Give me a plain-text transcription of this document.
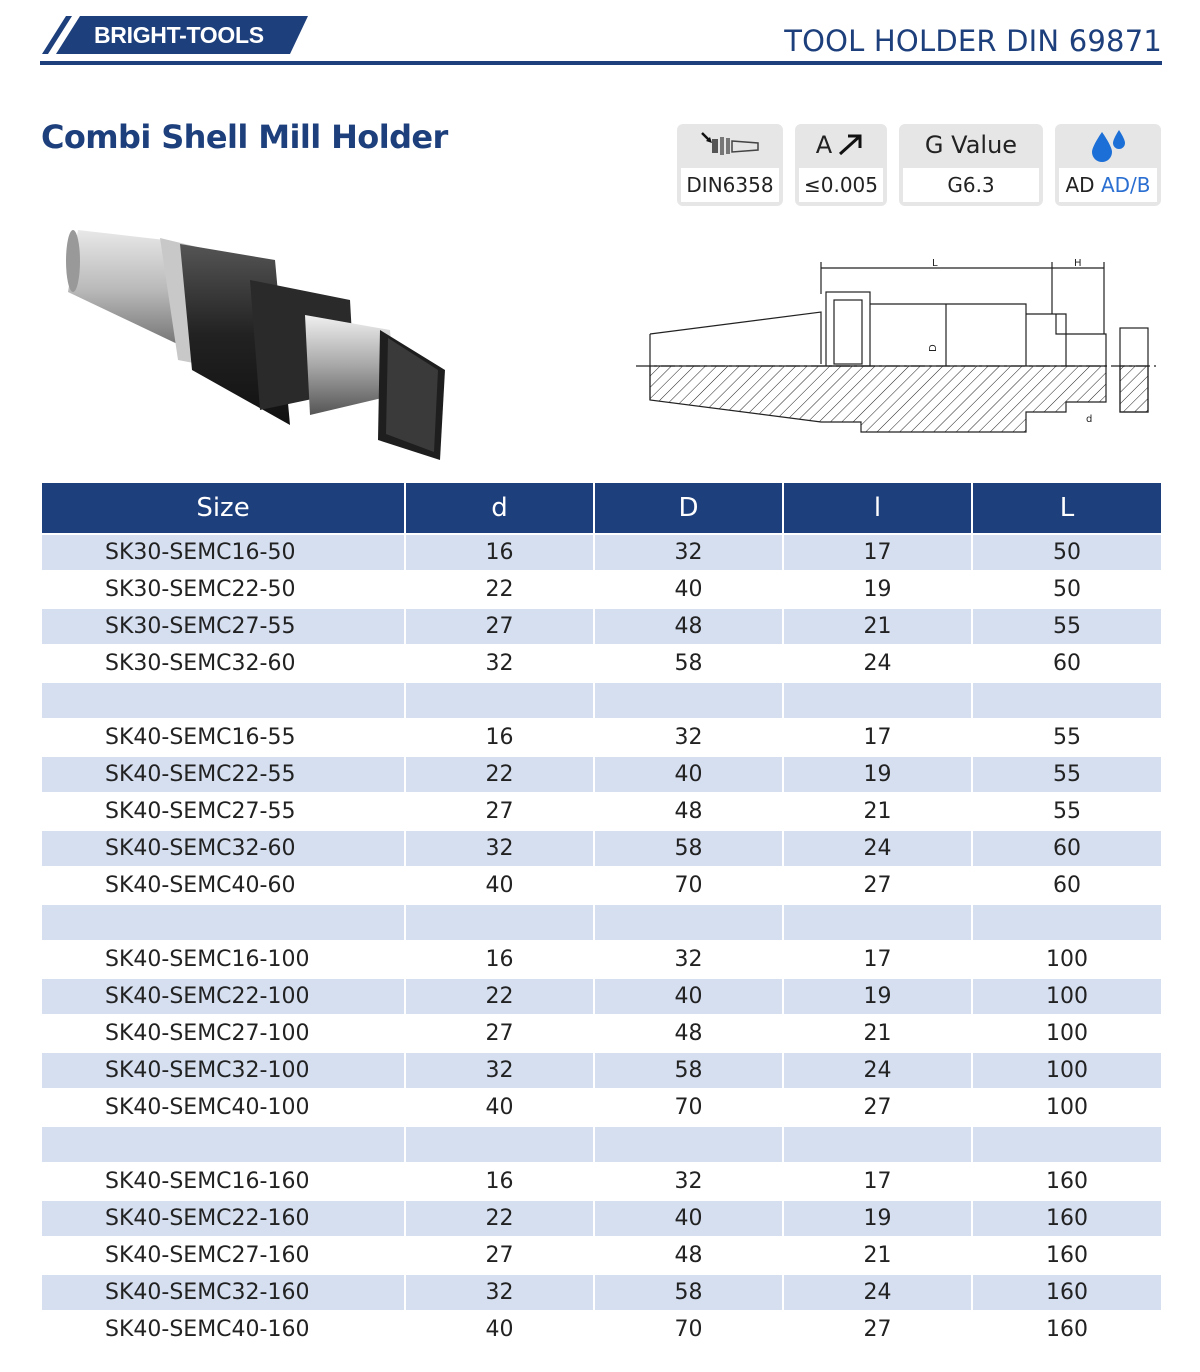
BRIGHT-TOOLS	TOOL HOLDER DIN 69871
Combi Shell Mill Holder
DIN6358
A
≤0.005
G Value
G6.3	AD
AD/B
L	H
D
d
Size	d	D	l	L
SK30-SEMC16-50	16	32	17	50
SK30-SEMC22-50	22	40	19	50
SK30-SEMC27-55	27	48	21	55
SK30-SEMC32-60	32	58	24	60

SK40-SEMC16-55	16	32	17	55
SK40-SEMC22-55	22	40	19	55
SK40-SEMC27-55	27	48	21	55
SK40-SEMC32-60	32	58	24	60
SK40-SEMC40-60	40	70	27	60

SK40-SEMC16-100	16	32	17	100
SK40-SEMC22-100	22	40	19	100
SK40-SEMC27-100	27	48	21	100
SK40-SEMC32-100	32	58	24	100
SK40-SEMC40-100	40	70	27	100

SK40-SEMC16-160	16	32	17	160
SK40-SEMC22-160	22	40	19	160
SK40-SEMC27-160	27	48	21	160
SK40-SEMC32-160	32	58	24	160
SK40-SEMC40-160	40	70	27	160
